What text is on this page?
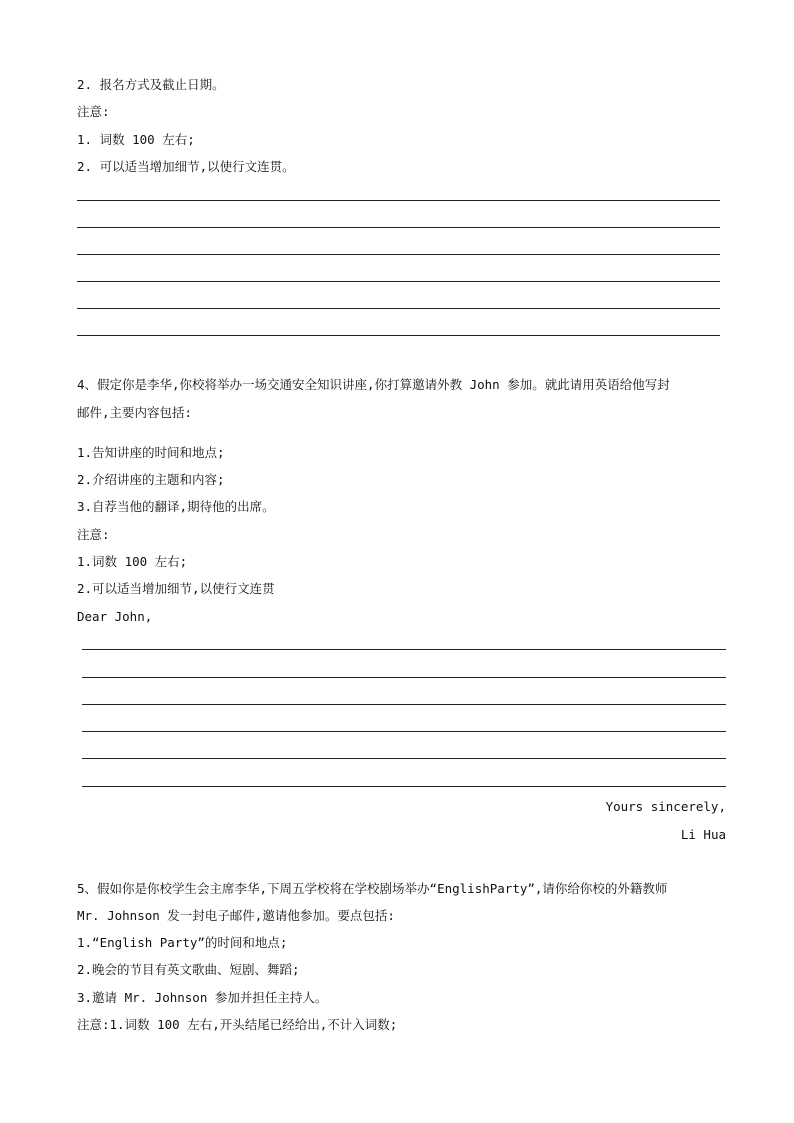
2. 报名方式及截止日期。
注意:
1. 词数 100 左右;
2. 可以适当增加细节,以使行文连贯。
4、假定你是李华,你校将举办一场交通安全知识讲座,你打算邀请外教 John 参加。就此请用英语给他写封
邮件,主要内容包括:
1.告知讲座的时间和地点;
2.介绍讲座的主题和内容;
3.自荐当他的翻译,期待他的出席。
注意:
1.词数 100 左右;
2.可以适当增加细节,以使行文连贯
Dear John,
Yours sincerely,
Li Hua
5、假如你是你校学生会主席李华,下周五学校将在学校剧场举办“EnglishParty”,请你给你校的外籍教师
Mr. Johnson 发一封电子邮件,邀请他参加。要点包括:
1.“English Party”的时间和地点;
2.晚会的节目有英文歌曲、短剧、舞蹈;
3.邀请 Mr. Johnson 参加并担任主持人。
注意:1.词数 100 左右,开头结尾已经给出,不计入词数;
